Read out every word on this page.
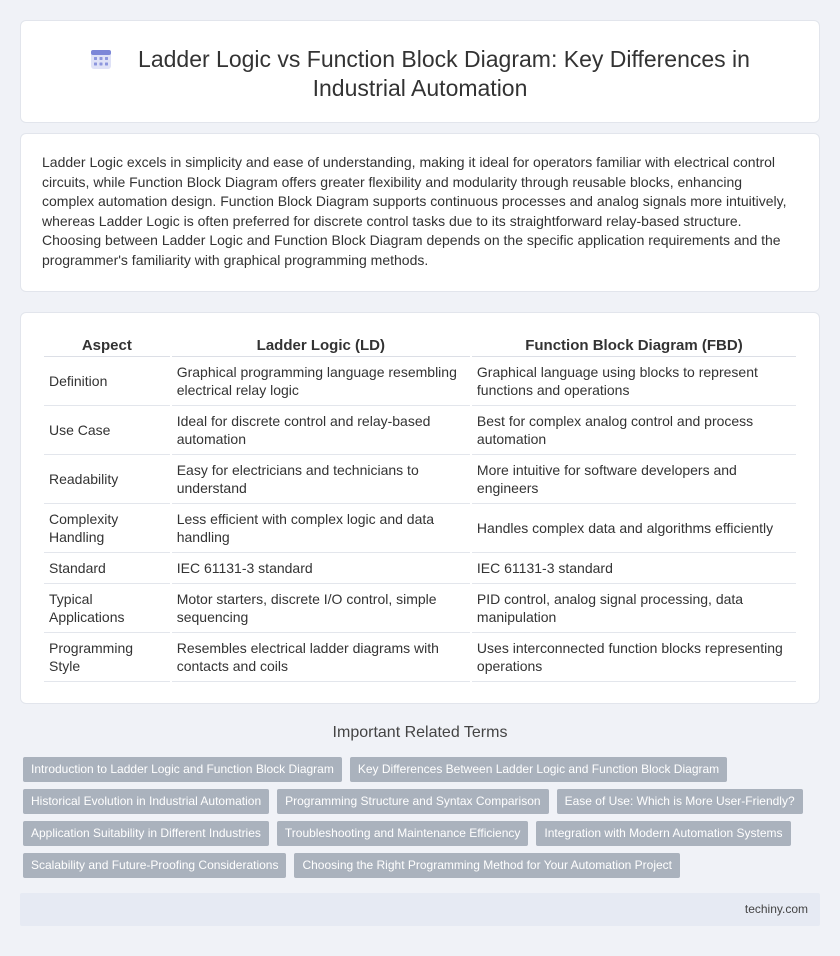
Ladder Logic vs Function Block Diagram: Key Differences in Industrial Automation

Ladder Logic excels in simplicity and ease of understanding, making it ideal for operators familiar with electrical control circuits, while Function Block Diagram offers greater flexibility and modularity through reusable blocks, enhancing complex automation design. Function Block Diagram supports continuous processes and analog signals more intuitively, whereas Ladder Logic is often preferred for discrete control tasks due to its straightforward relay-based structure. Choosing between Ladder Logic and Function Block Diagram depends on the specific application requirements and the programmer's familiarity with graphical programming methods.

Aspect	Ladder Logic (LD)	Function Block Diagram (FBD)
Definition	Graphical programming language resembling electrical relay logic	Graphical language using blocks to represent functions and operations
Use Case	Ideal for discrete control and relay-based automation	Best for complex analog control and process automation
Readability	Easy for electricians and technicians to understand	More intuitive for software developers and engineers
Complexity Handling	Less efficient with complex logic and data handling	Handles complex data and algorithms efficiently
Standard	IEC 61131-3 standard	IEC 61131-3 standard
Typical Applications	Motor starters, discrete I/O control, simple sequencing	PID control, analog signal processing, data manipulation
Programming Style	Resembles electrical ladder diagrams with contacts and coils	Uses interconnected function blocks representing operations
Important Related Terms
Introduction to Ladder Logic and Function Block Diagram	Key Differences Between Ladder Logic and Function Block Diagram
Historical Evolution in Industrial Automation	Programming Structure and Syntax Comparison	Ease of Use: Which is More User-Friendly?
Application Suitability in Different Industries	Troubleshooting and Maintenance Efficiency	Integration with Modern Automation Systems
Scalability and Future-Proofing Considerations	Choosing the Right Programming Method for Your Automation Project
techiny.com
